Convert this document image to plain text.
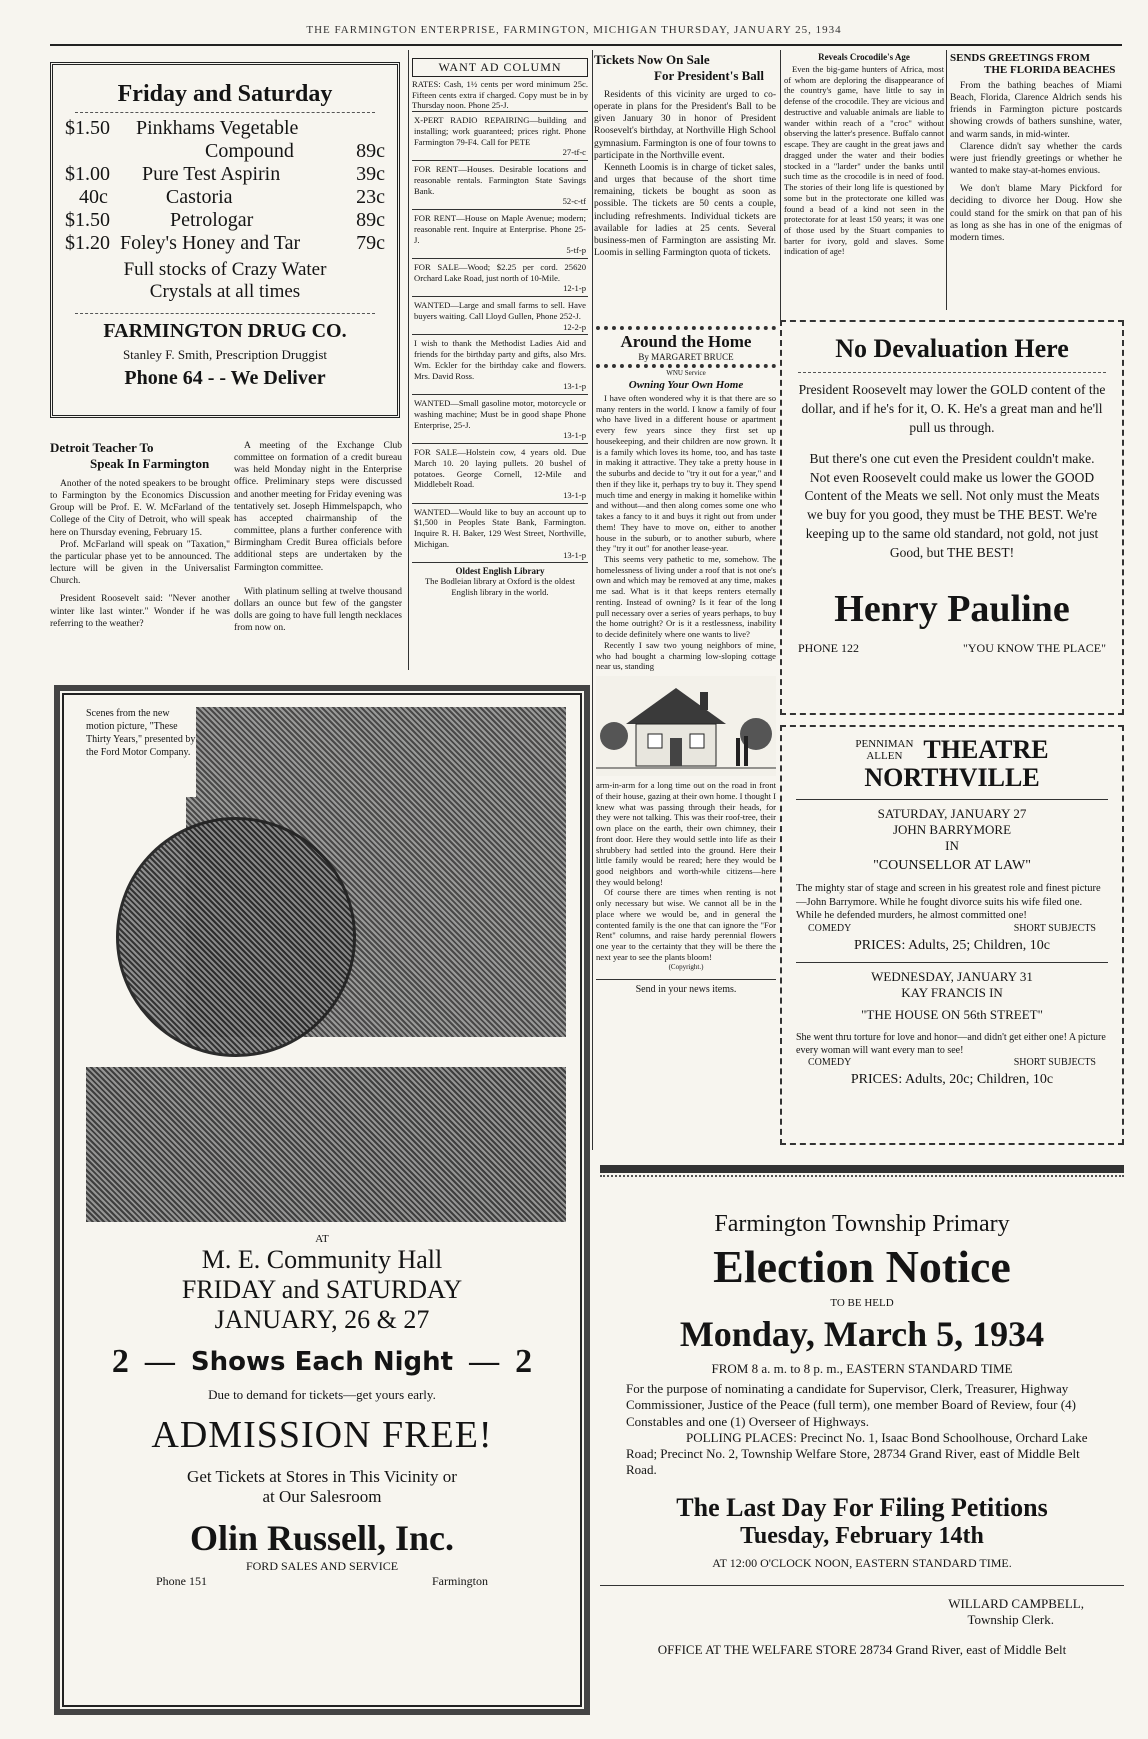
THE FARMINGTON ENTERPRISE, FARMINGTON, MICHIGAN THURSDAY, JANUARY 25, 1934
Friday and Saturday
$1.50	Pinkhams Vegetable
Compound	89c
$1.00	Pure Test Aspirin	39c
40c	Castoria	23c
$1.50	Petrologar	89c
$1.20 Foley's Honey and Tar	79c
Full stocks of Crazy Water
Crystals at all times
FARMINGTON DRUG CO.
Stanley F. Smith, Prescription Druggist
Phone 64 - - We Deliver
Detroit Teacher To
Speak In Farmington

Another of the noted speakers to be brought to Farmington by the Economics Discussion Group will be Prof. E. W. McFarland of the College of the City of Detroit, who will speak here on Thursday evening, February 15.

Prof. McFarland will speak on "Taxation," the particular phase yet to be announced. The lecture will be given in the Universalist Church.

President Roosevelt said: "Never another winter like last winter." Wonder if he was referring to the weather?

A meeting of the Exchange Club committee on formation of a credit bureau was held Monday night in the Enterprise office. Preliminary steps were discussed and another meeting for Friday evening was tentatively set. Joseph Himmelspapch, who has accepted chairmanship of the committee, plans a further conference with Birmingham Credit Burea officials before additional steps are undertaken by the Farmington committee.

With platinum selling at twelve thousand dollars an ounce but few of the gangster dolls are going to have full length necklaces from now on.

WANT AD COLUMN

RATES: Cash, 1½ cents per word minimum 25c. Fifteen cents extra if charged. Copy must be in by Thursday noon. Phone 25-J.

X-PERT RADIO REPAIRING—building and installing; work guaranteed; prices right. Phone Farmington 79-F4. Call for PETE

27-tf-c

FOR RENT—Houses. Desirable locations and reasonable rentals. Farmington State Savings Bank.

52-c-tf

FOR RENT—House on Maple Avenue; modern; reasonable rent. Inquire at Enterprise. Phone 25-J.

5-tf-p

FOR SALE—Wood; $2.25 per cord. 25620 Orchard Lake Road, just north of 10-Mile.

12-1-p

WANTED—Large and small farms to sell. Have buyers waiting. Call Lloyd Gullen, Phone 252-J.

12-2-p

I wish to thank the Methodist Ladies Aid and friends for the birthday party and gifts, also Mrs. Wm. Eckler for the birthday cake and flowers. Mrs. David Ross.

13-1-p

WANTED—Small gasoline motor, motorcycle or washing machine; Must be in good shape Phone Enterprise, 25-J.

13-1-p

FOR SALE—Holstein cow, 4 years old. Due March 10. 20 laying pullets. 20 bushel of potatoes. George Cornell, 12-Mile and Middlebelt Road.

13-1-p

WANTED—Would like to buy an account up to $1,500 in Peoples State Bank, Farmington. Inquire R. H. Baker, 129 West Street, Northville, Michigan.

13-1-p

Oldest English Library

The Bodleian library at Oxford is the oldest English library in the world.

Tickets Now On Sale
For President's Ball

Residents of this vicinity are urged to co-operate in plans for the President's Ball to be given January 30 in honor of President Roosevelt's birthday, at Northville High School gymnasium. Farmington is one of four towns to participate in the Northville event.

Kenneth Loomis is in charge of ticket sales, and urges that because of the short time remaining, tickets be bought as soon as possible. The tickets are 50 cents a couple, including refreshments. Individual tickets are available for ladies at 25 cents. Several business-men of Farmington are assisting Mr. Loomis in selling Farmington quota of tickets.

Around the Home
By MARGARET BRUCE
WNU Service
Owning Your Own Home

I have often wondered why it is that there are so many renters in the world. I know a family of four who have lived in a different house or apartment every few years since they first set up housekeeping, and their children are now grown. It is a family which loves its home, too, and has taste in making it attractive. They take a pretty house in the suburbs and decide to "try it out for a year," and then if they like it, perhaps try to buy it. They spend much time and energy in making it homelike within and without—and then along comes some one who takes a fancy to it and buys it right out from under them! They have to move on, either to another house in the suburb, or to another suburb, where they "try it out" for another lease-year.

This seems very pathetic to me, somehow. The homelessness of living under a roof that is not one's own and which may be removed at any time, makes me sad. What is it that keeps renters eternally renting. Instead of owning? Is it fear of the long pull necessary over a series of years perhaps, to buy the home outright? Or is it a restlessness, inability to decide definitely where one wants to live?

Recently I saw two young neighbors of mine, who had bought a charming low-sloping cottage near us, standing

arm-in-arm for a long time out on the road in front of their house, gazing at their own home. I thought I knew what was passing through their heads, for they were not talking. This was their roof-tree, their own place on the earth, their own chimney, their front door. Here they would settle into life as their shrubbery had settled into the ground. Here their little family would be reared; here they would be good neighbors and worth-while citizens—here they would belong!

Of course there are times when renting is not only necessary but wise. We cannot all be in the place where we would be, and in general the contented family is the one that can ignore the "For Rent" columns, and raise hardy perennial flowers one year to the certainty that they will be there the next year to see the plants bloom!

(Copyright.)
Send in your news items.
Reveals Crocodile's Age

Even the big-game hunters of Africa, most of whom are deploring the disappearance of the country's game, have little to say in defense of the crocodile. They are vicious and destructive and valuable animals are liable to wander within reach of a "croc" without observing the latter's presence. Buffalo cannot escape. They are caught in the great jaws and dragged under the water and their bodies stocked in a "larder" under the banks until such time as the crocodile is in need of food. The stories of their long life is questioned by some but in the protectorate one killed was found a bead of a kind not seen in the protectorate for at least 150 years; it was one of those used by the Stuart companies to barter for ivory, gold and slaves. Some indication of age!

SENDS GREETINGS FROM
THE FLORIDA BEACHES

From the bathing beaches of Miami Beach, Florida, Clarence Aldrich sends his friends in Farmington picture postcards showing crowds of bathers sunshine, water, and warm sands, in mid-winter.

Clarence didn't say whether the cards were just friendly greetings or whether he wanted to make stay-at-homes envious.

We don't blame Mary Pickford for deciding to divorce her Doug. How she could stand for the smirk on that pan of his as long as she has in one of the enigmas of modern times.

No Devaluation Here

President Roosevelt may lower the GOLD content of the dollar, and if he's for it, O. K. He's a great man and he'll pull us through.

But there's one cut even the President couldn't make. Not even Roosevelt could make us lower the GOOD Content of the Meats we sell. Not only must the Meats we buy for you good, they must be THE BEST. We're keeping up to the same old standard, not gold, not just Good, but THE BEST!

Henry Pauline
PHONE 122	"YOU KNOW THE PLACE"
PENNIMAN
ALLEN THEATRE
NORTHVILLE
SATURDAY, JANUARY 27
JOHN BARRYMORE
IN
"COUNSELLOR AT LAW"

The mighty star of stage and screen in his greatest role and finest picture—John Barrymore. While he fought divorce suits his wife filed one. While he defended murders, he almost committed one!

COMEDY	SHORT SUBJECTS
PRICES: Adults, 25; Children, 10c
WEDNESDAY, JANUARY 31
KAY FRANCIS IN
"THE HOUSE ON 56th STREET"

She went thru torture for love and honor—and didn't get either one! A picture every woman will want every man to see!

COMEDY	SHORT SUBJECTS
PRICES: Adults, 20c; Children, 10c

Scenes from the new motion picture, "These Thirty Years," presented by the Ford Motor Company.

AT
M. E. Community Hall
FRIDAY and SATURDAY
JANUARY, 26 & 27
2 — Shows Each Night — 2
Due to demand for tickets—get yours early.
ADMISSION FREE!
Get Tickets at Stores in This Vicinity or
at Our Salesroom
Olin Russell, Inc.
FORD SALES AND SERVICE
Phone 151	Farmington
Farmington Township Primary
Election Notice
TO BE HELD
Monday, March 5, 1934
FROM 8 a. m. to 8 p. m., EASTERN STANDARD TIME

For the purpose of nominating a candidate for Supervisor, Clerk, Treasurer, Highway Commissioner, Justice of the Peace (full term), one member Board of Review, four (4) Constables and one (1) Overseer of Highways.

POLLING PLACES: Precinct No. 1, Isaac Bond Schoolhouse, Orchard Lake Road; Precinct No. 2, Township Welfare Store, 28734 Grand River, east of Middle Belt Road.

The Last Day For Filing Petitions
Tuesday, February 14th
AT 12:00 O'CLOCK NOON, EASTERN STANDARD TIME.
WILLARD CAMPBELL,
Township Clerk.
OFFICE AT THE WELFARE STORE 28734 Grand River, east of Middle Belt
